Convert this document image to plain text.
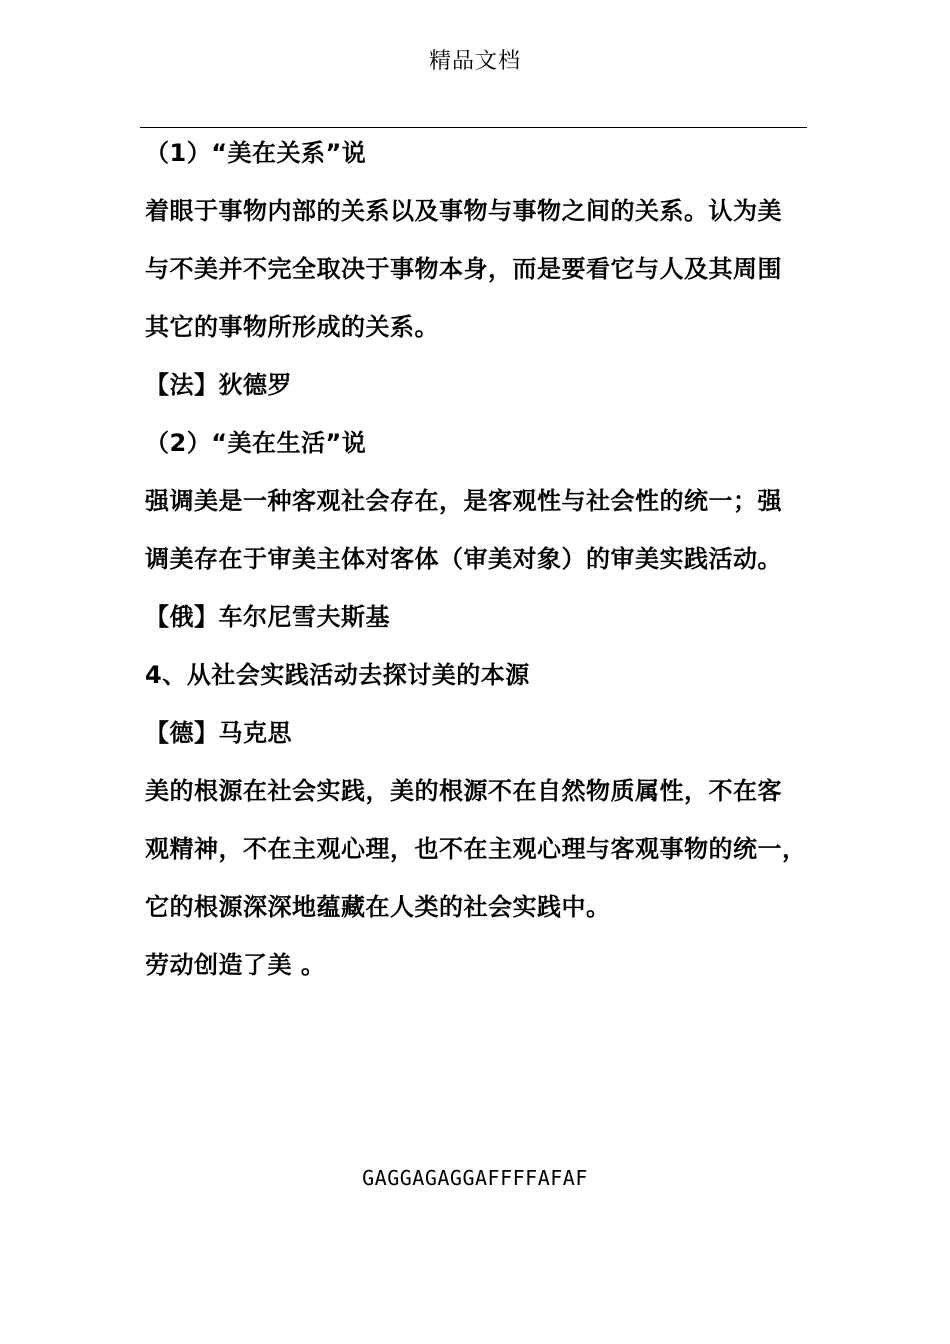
精品文档
（1）“美在关系”说
着眼于事物内部的关系以及事物与事物之间的关系。认为美
与不美并不完全取决于事物本身，而是要看它与人及其周围
其它的事物所形成的关系。
【法】狄德罗
（2）“美在生活”说
强调美是一种客观社会存在，是客观性与社会性的统一；强
调美存在于审美主体对客体（审美对象）的审美实践活动。
【俄】车尔尼雪夫斯基
4、从社会实践活动去探讨美的本源
【德】马克思
美的根源在社会实践，美的根源不在自然物质属性，不在客
观精神，不在主观心理，也不在主观心理与客观事物的统一，
它的根源深深地蕴藏在人类的社会实践中。
劳动创造了美 。
GAGGAGAGGAFFFFAFAF
